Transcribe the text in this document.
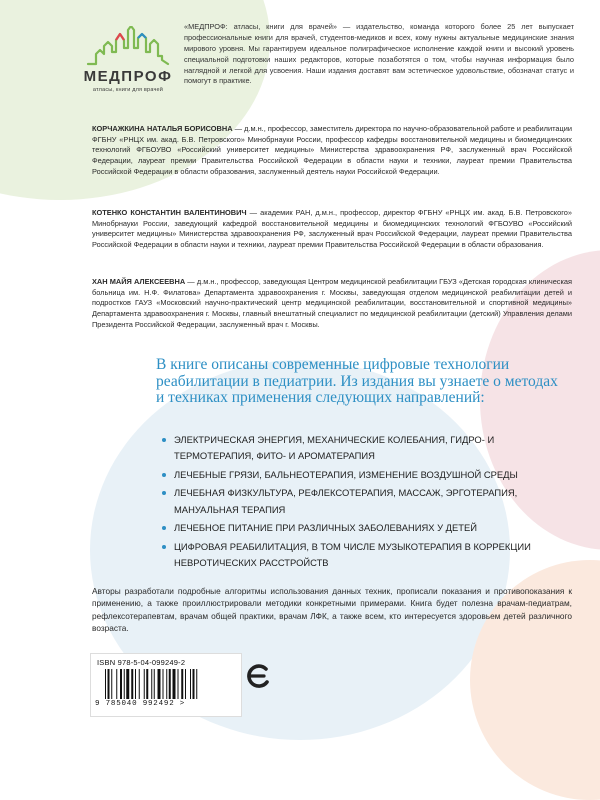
МЕДПРОФ
атласы, книги для врачей
«МЕДПРОФ: атласы, книги для врачей» — издательство, команда которого более 25 лет выпускает профессиональные книги для врачей, студентов-медиков и всех, кому нужны актуальные медицинские знания мирового уровня. Мы гарантируем идеальное полиграфическое исполнение каждой книги и высокий уровень специальной подготовки наших редакторов, которые позаботятся о том, чтобы научная информация было наглядной и легкой для усвоения. Наши издания доставят вам эстетическое удовольствие, обозначат статус и помогут в практике.
КОРЧАЖКИНА НАТАЛЬЯ БОРИСОВНА — д.м.н., профессор, заместитель директора по научно-образовательной работе и реабилитации ФГБНУ «РНЦХ им. акад. Б.В. Петровского» Минобрнауки России, профессор кафедры восстановительной медицины и биомедицинских технологий ФГБОУВО «Российский университет медицины» Министерства здравоохранения РФ, заслуженный врач Российской Федерации, лауреат премии Правительства Российской Федерации в области науки и техники, лауреат премии Правительства Российской Федерации в области образования, заслуженный деятель науки Российской Федерации.
КОТЕНКО КОНСТАНТИН ВАЛЕНТИНОВИЧ — академик РАН, д.м.н., профессор, директор ФГБНУ «РНЦХ им. акад. Б.В. Петровского» Минобрнауки России, заведующий кафедрой восстановительной медицины и биомедицинских технологий ФГБОУВО «Российский университет медицины» Министерства здравоохранения РФ, заслуженный врач Российской Федерации, лауреат премии Правительства Российской Федерации в области науки и техники, лауреат премии Правительства Российской Федерации в области образования.
ХАН МАЙЯ АЛЕКСЕЕВНА — д.м.н., профессор, заведующая Центром медицинской реабилитации ГБУЗ «Детская городская клиническая больница им. Н.Ф. Филатова» Департамента здравоохранения г. Москвы, заведующая отделом медицинской реабилитации детей и подростков ГАУЗ «Московский научно-практический центр медицинской реабилитации, восстановительной и спортивной медицины» Департамента здравоохранения г. Москвы, главный внештатный специалист по медицинской реабилитации (детский) Управления делами Президента Российской Федерации, заслуженный врач г. Москвы.
В книге описаны современные цифровые технологии реабилитации в педиатрии. Из издания вы узнаете о методах и техниках применения следующих направлений:
ЭЛЕКТРИЧЕСКАЯ ЭНЕРГИЯ, МЕХАНИЧЕСКИЕ КОЛЕБАНИЯ, ГИДРО- И ТЕРМОТЕРАПИЯ, ФИТО- И АРОМАТЕРАПИЯ
ЛЕЧЕБНЫЕ ГРЯЗИ, БАЛЬНЕОТЕРАПИЯ, ИЗМЕНЕНИЕ ВОЗДУШНОЙ СРЕДЫ
ЛЕЧЕБНАЯ ФИЗКУЛЬТУРА, РЕФЛЕКСОТЕРАПИЯ, МАССАЖ, ЭРГОТЕРАПИЯ, МАНУАЛЬНАЯ ТЕРАПИЯ
ЛЕЧЕБНОЕ ПИТАНИЕ ПРИ РАЗЛИЧНЫХ ЗАБОЛЕВАНИЯХ У ДЕТЕЙ
ЦИФРОВАЯ РЕАБИЛИТАЦИЯ, В ТОМ ЧИСЛЕ МУЗЫКОТЕРАПИЯ В КОРРЕКЦИИ НЕВРОТИЧЕСКИХ РАССТРОЙСТВ
Авторы разработали подробные алгоритмы использования данных техник, прописали показания и противопоказания к применению, а также проиллюстрировали методики конкретными примерами. Книга будет полезна врачам-педиатрам, рефлексотерапевтам, врачам общей практики, врачам ЛФК, а также всем, кто интересуется здоровьем детей различного возраста.
ISBN 978-5-04-099249-2
9 785040 992492 >
